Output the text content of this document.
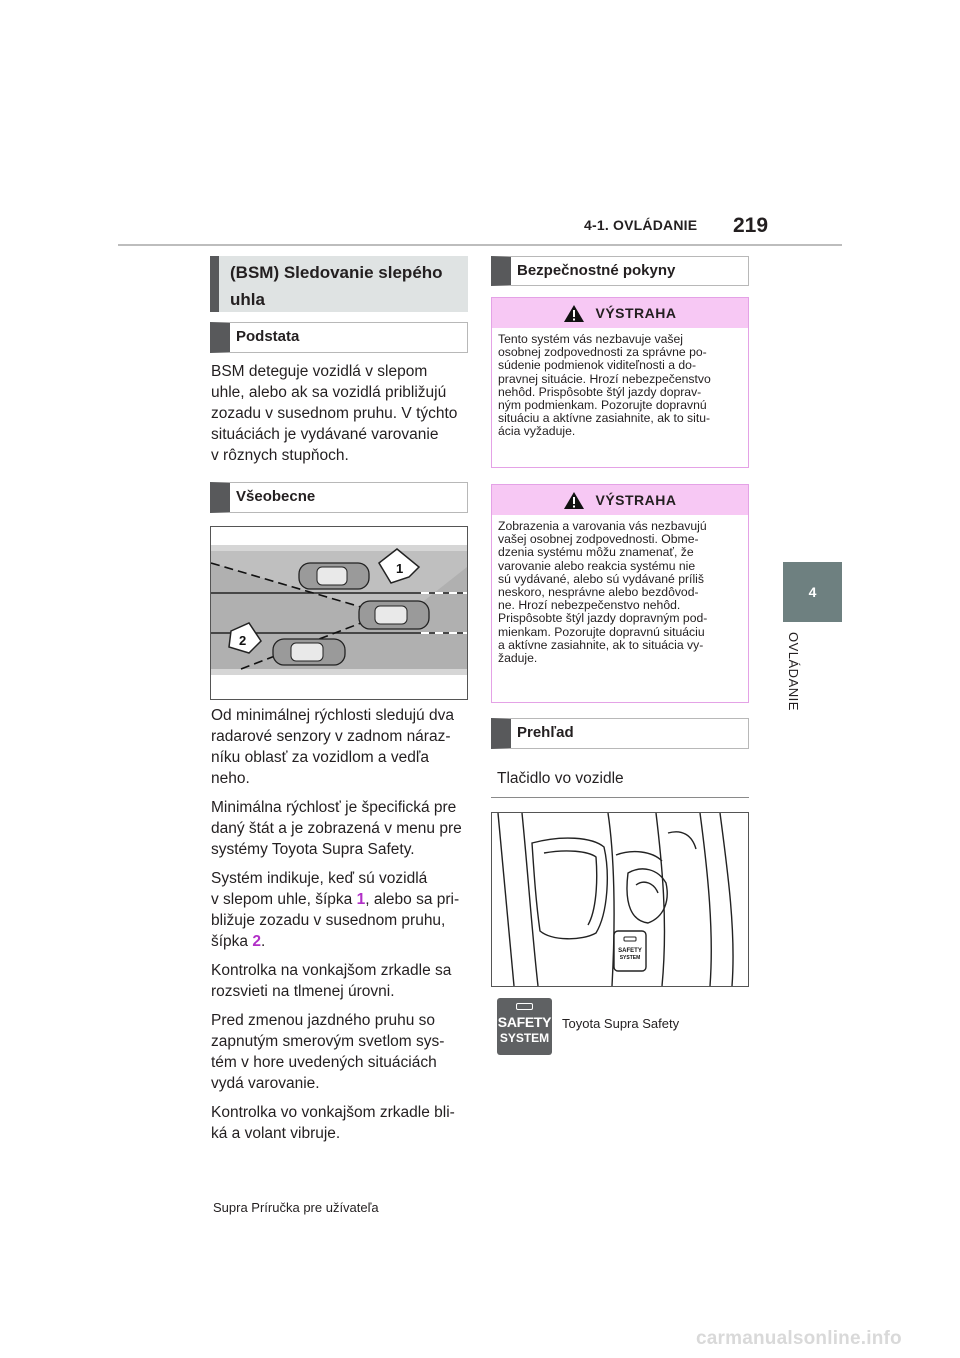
4-1. OVLÁDANIE 219
4
OVLÁDANIE
(BSM) Sledovanie slepého uhla
Podstata
BSM deteguje vozidlá v slepom
uhle, alebo ak sa vozidlá približujú
zozadu v susednom pruhu. V týchto
situáciách je vydávané varovanie
v rôznych stupňoch.
Všeobecne
1
2

Od minimálnej rýchlosti sledujú dva
radarové senzory v zadnom náraz-
níku oblasť za vozidlom a vedľa
neho.

Minimálna rýchlosť je špecifická pre
daný štát a je zobrazená v menu pre
systémy Toyota Supra Safety.

Systém indikuje, keď sú vozidlá
v slepom uhle, šípka 1, alebo sa pri-
bližuje zozadu v susednom pruhu,
šípka 2.

Kontrolka na vonkajšom zrkadle sa
rozsvieti na tlmenej úrovni.

Pred zmenou jazdného pruhu so
zapnutým smerovým svetlom sys-
tém v hore uvedených situáciách
vydá varovanie.

Kontrolka vo vonkajšom zrkadle bli-
ká a volant vibruje.

Bezpečnostné pokyny
VÝSTRAHA
Tento systém vás nezbavuje vašej
osobnej zodpovednosti za správne po-
súdenie podmienok viditeľnosti a do-
pravnej situácie. Hrozí nebezpečenstvo
nehôd. Prispôsobte štýl jazdy doprav-
ným podmienkam. Pozorujte dopravnú
situáciu a aktívne zasiahnite, ak to situ-
ácia vyžaduje.
VÝSTRAHA
Zobrazenia a varovania vás nezbavujú
vašej osobnej zodpovednosti. Obme-
dzenia systému môžu znamenať, že
varovanie alebo reakcia systému nie
sú vydávané, alebo sú vydávané príliš
neskoro, nesprávne alebo bezdôvod-
ne. Hrozí nebezpečenstvo nehôd.
Prispôsobte štýl jazdy dopravným pod-
mienkam. Pozorujte dopravnú situáciu
a aktívne zasiahnite, ak to situácia vy-
žaduje.
Prehľad
Tlačidlo vo vozidle
SAFETY
SYSTEM
SAFETY
SYSTEM
Toyota Supra Safety
Supra Príručka pre užívateľa
carmanualsonline.info
